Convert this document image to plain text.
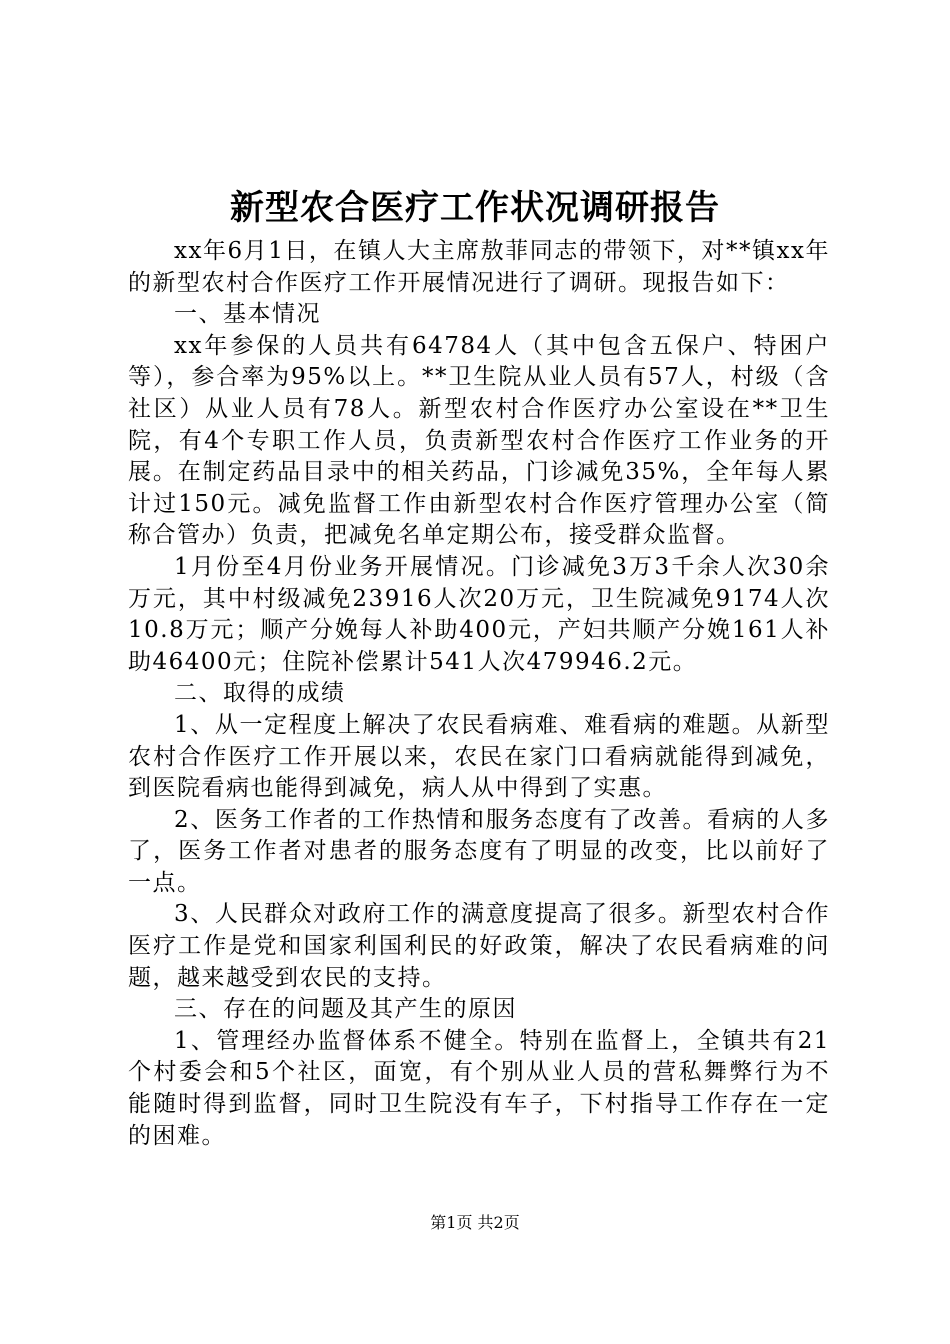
新型农合医疗工作状况调研报告

xx年6月1日，在镇人大主席敖菲同志的带领下，对**镇xx年的新型农村合作医疗工作开展情况进行了调研。现报告如下：

一、基本情况

xx年参保的人员共有64784人（其中包含五保户、特困户等），参合率为95%以上。**卫生院从业人员有57人，村级（含社区）从业人员有78人。新型农村合作医疗办公室设在**卫生院，有4个专职工作人员，负责新型农村合作医疗工作业务的开展。在制定药品目录中的相关药品，门诊减免35%，全年每人累计过150元。减免监督工作由新型农村合作医疗管理办公室（简称合管办）负责，把减免名单定期公布，接受群众监督。

1月份至4月份业务开展情况。门诊减免3万3千余人次30余万元，其中村级减免23916人次20万元，卫生院减免9174人次10.8万元；顺产分娩每人补助400元，产妇共顺产分娩161人补助46400元；住院补偿累计541人次479946.2元。

二、取得的成绩

1、从一定程度上解决了农民看病难、难看病的难题。从新型农村合作医疗工作开展以来，农民在家门口看病就能得到减免，到医院看病也能得到减免，病人从中得到了实惠。

2、医务工作者的工作热情和服务态度有了改善。看病的人多了，医务工作者对患者的服务态度有了明显的改变，比以前好了一点。

3、人民群众对政府工作的满意度提高了很多。新型农村合作医疗工作是党和国家利国利民的好政策，解决了农民看病难的问题，越来越受到农民的支持。

三、存在的问题及其产生的原因

1、管理经办监督体系不健全。特别在监督上，全镇共有21个村委会和5个社区，面宽，有个别从业人员的营私舞弊行为不能随时得到监督，同时卫生院没有车子，下村指导工作存在一定的困难。

第1页 共2页
